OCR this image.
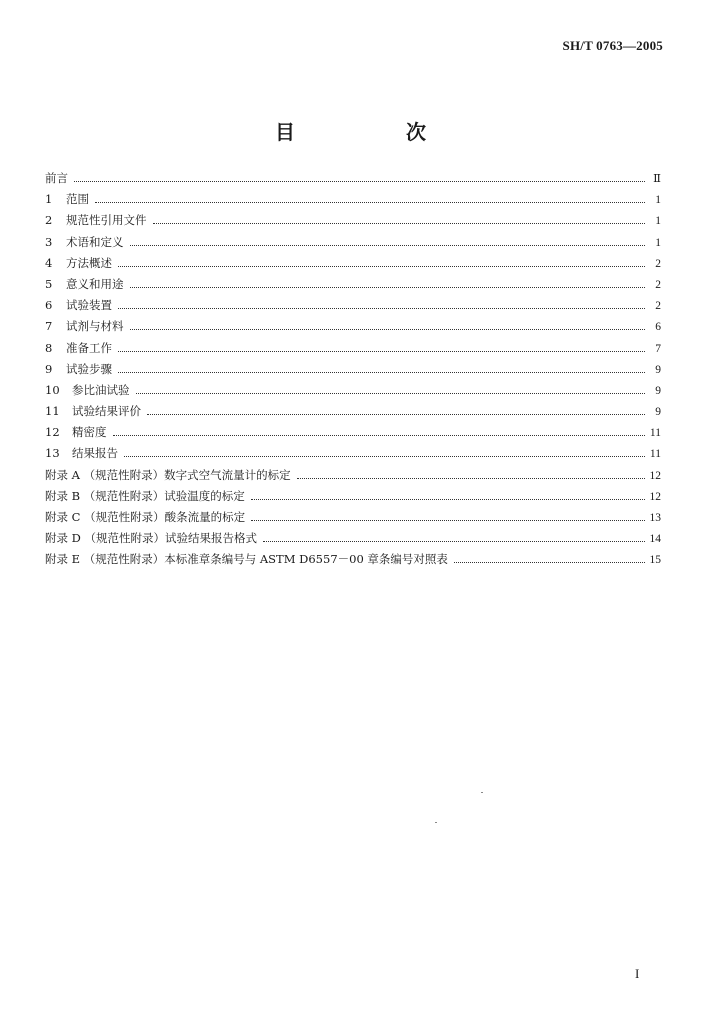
SH/T 0763—2005
目 次
前言	Ⅱ
1	范围	1
2	规范性引用文件	1
3	术语和定义	1
4	方法概述	2
5	意义和用途	2
6	试验装置	2
7	试剂与材料	6
8	准备工作	7
9	试验步骤	9
10	参比油试验	9
11	试验结果评价	9
12	精密度	11
13	结果报告	11
附录 A （规范性附录）数字式空气流量计的标定	12
附录 B （规范性附录）试验温度的标定	12
附录 C （规范性附录）酸条流量的标定	13
附录 D （规范性附录）试验结果报告格式	14
附录 E （规范性附录）本标准章条编号与 ASTM D6557－00 章条编号对照表	15
I
